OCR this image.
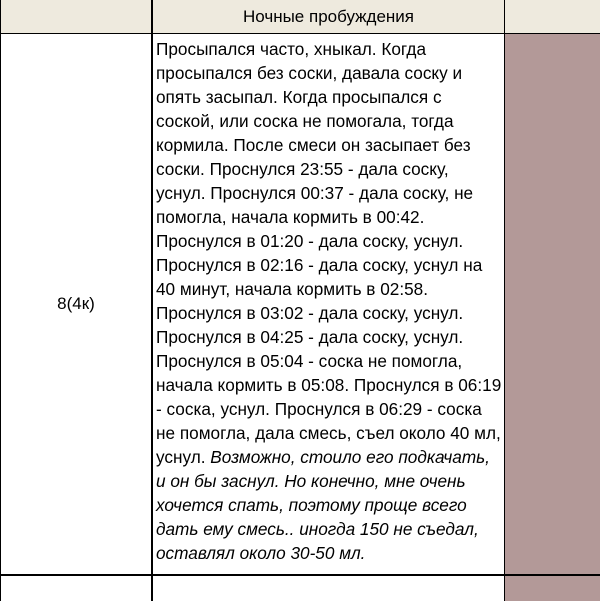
Ночные пробуждения
8(4к)
Просыпался часто, хныкал. Когда просыпался без соски, давала соску и опять засыпал. Когда просыпался с соской, или соска не помогала, тогда кормила. После смеси он засыпает без соски. Проснулся 23:55 - дала соску, уснул. Проснулся 00:37 - дала соску, не помогла, начала кормить в 00:42. Проснулся в 01:20 - дала соску, уснул. Проснулся в 02:16 - дала соску, уснул на 40 минут, начала кормить в 02:58. Проснулся в 03:02 - дала соску, уснул. Проснулся в 04:25 - дала соску, уснул. Проснулся в 05:04 - соска не помогла, начала кормить в 05:08. Проснулся в 06:19 - соска, уснул. Проснулся в 06:29 - соска не помогла, дала смесь, съел около 40 мл, уснул. Возможно, стоило его подкачать, и он бы заснул. Но конечно, мне очень хочется спать, поэтому проще всего дать ему смесь.. иногда 150 не съедал, оставлял около 30-50 мл.
